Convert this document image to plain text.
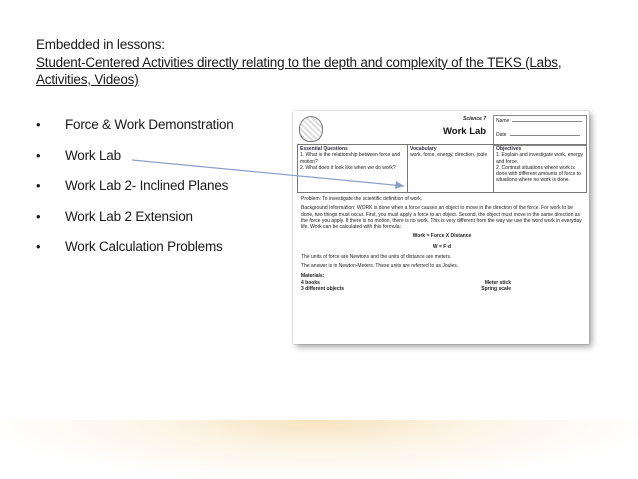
Embedded in lessons:
Student-Centered Activities directly relating to the depth and complexity of the TEKS (Labs, Activities, Videos)
•	Force & Work Demonstration
•	Work Lab
•	Work Lab 2- Inclined Planes
•	Work Lab 2 Extension
•	Work Calculation Problems
Science 7
Work Lab
Name
Date
Essential Questions
1. What is the relationship between force and motion?
2. What does it look like when we do work?
Vocabulary
work, force, energy, direction, joule
Objectives
1. Explain and investigate work, energy and force.
2. Contrast situations where work is done with different amounts of force to situations where no work is done.

Problem: To investigate the scientific definition of work.

Background Information: WORK is done when a force causes an object to move in the direction of the force. For work to be done, two things must occur. First, you must apply a force to an object. Second, the object must move in the same direction as the force you apply. If there is no motion, there is no work. This is very different from the way we use the word work in everyday life. Work can be calculated with this formula:

Work = Force X Distance
W = F·d

The units of force are Newtons and the units of distance are meters.

The answer is in Newton-Meters. These units are referred to as Joules.

Materials:

4 books	Meter stick
3 different objects	Spring scale
